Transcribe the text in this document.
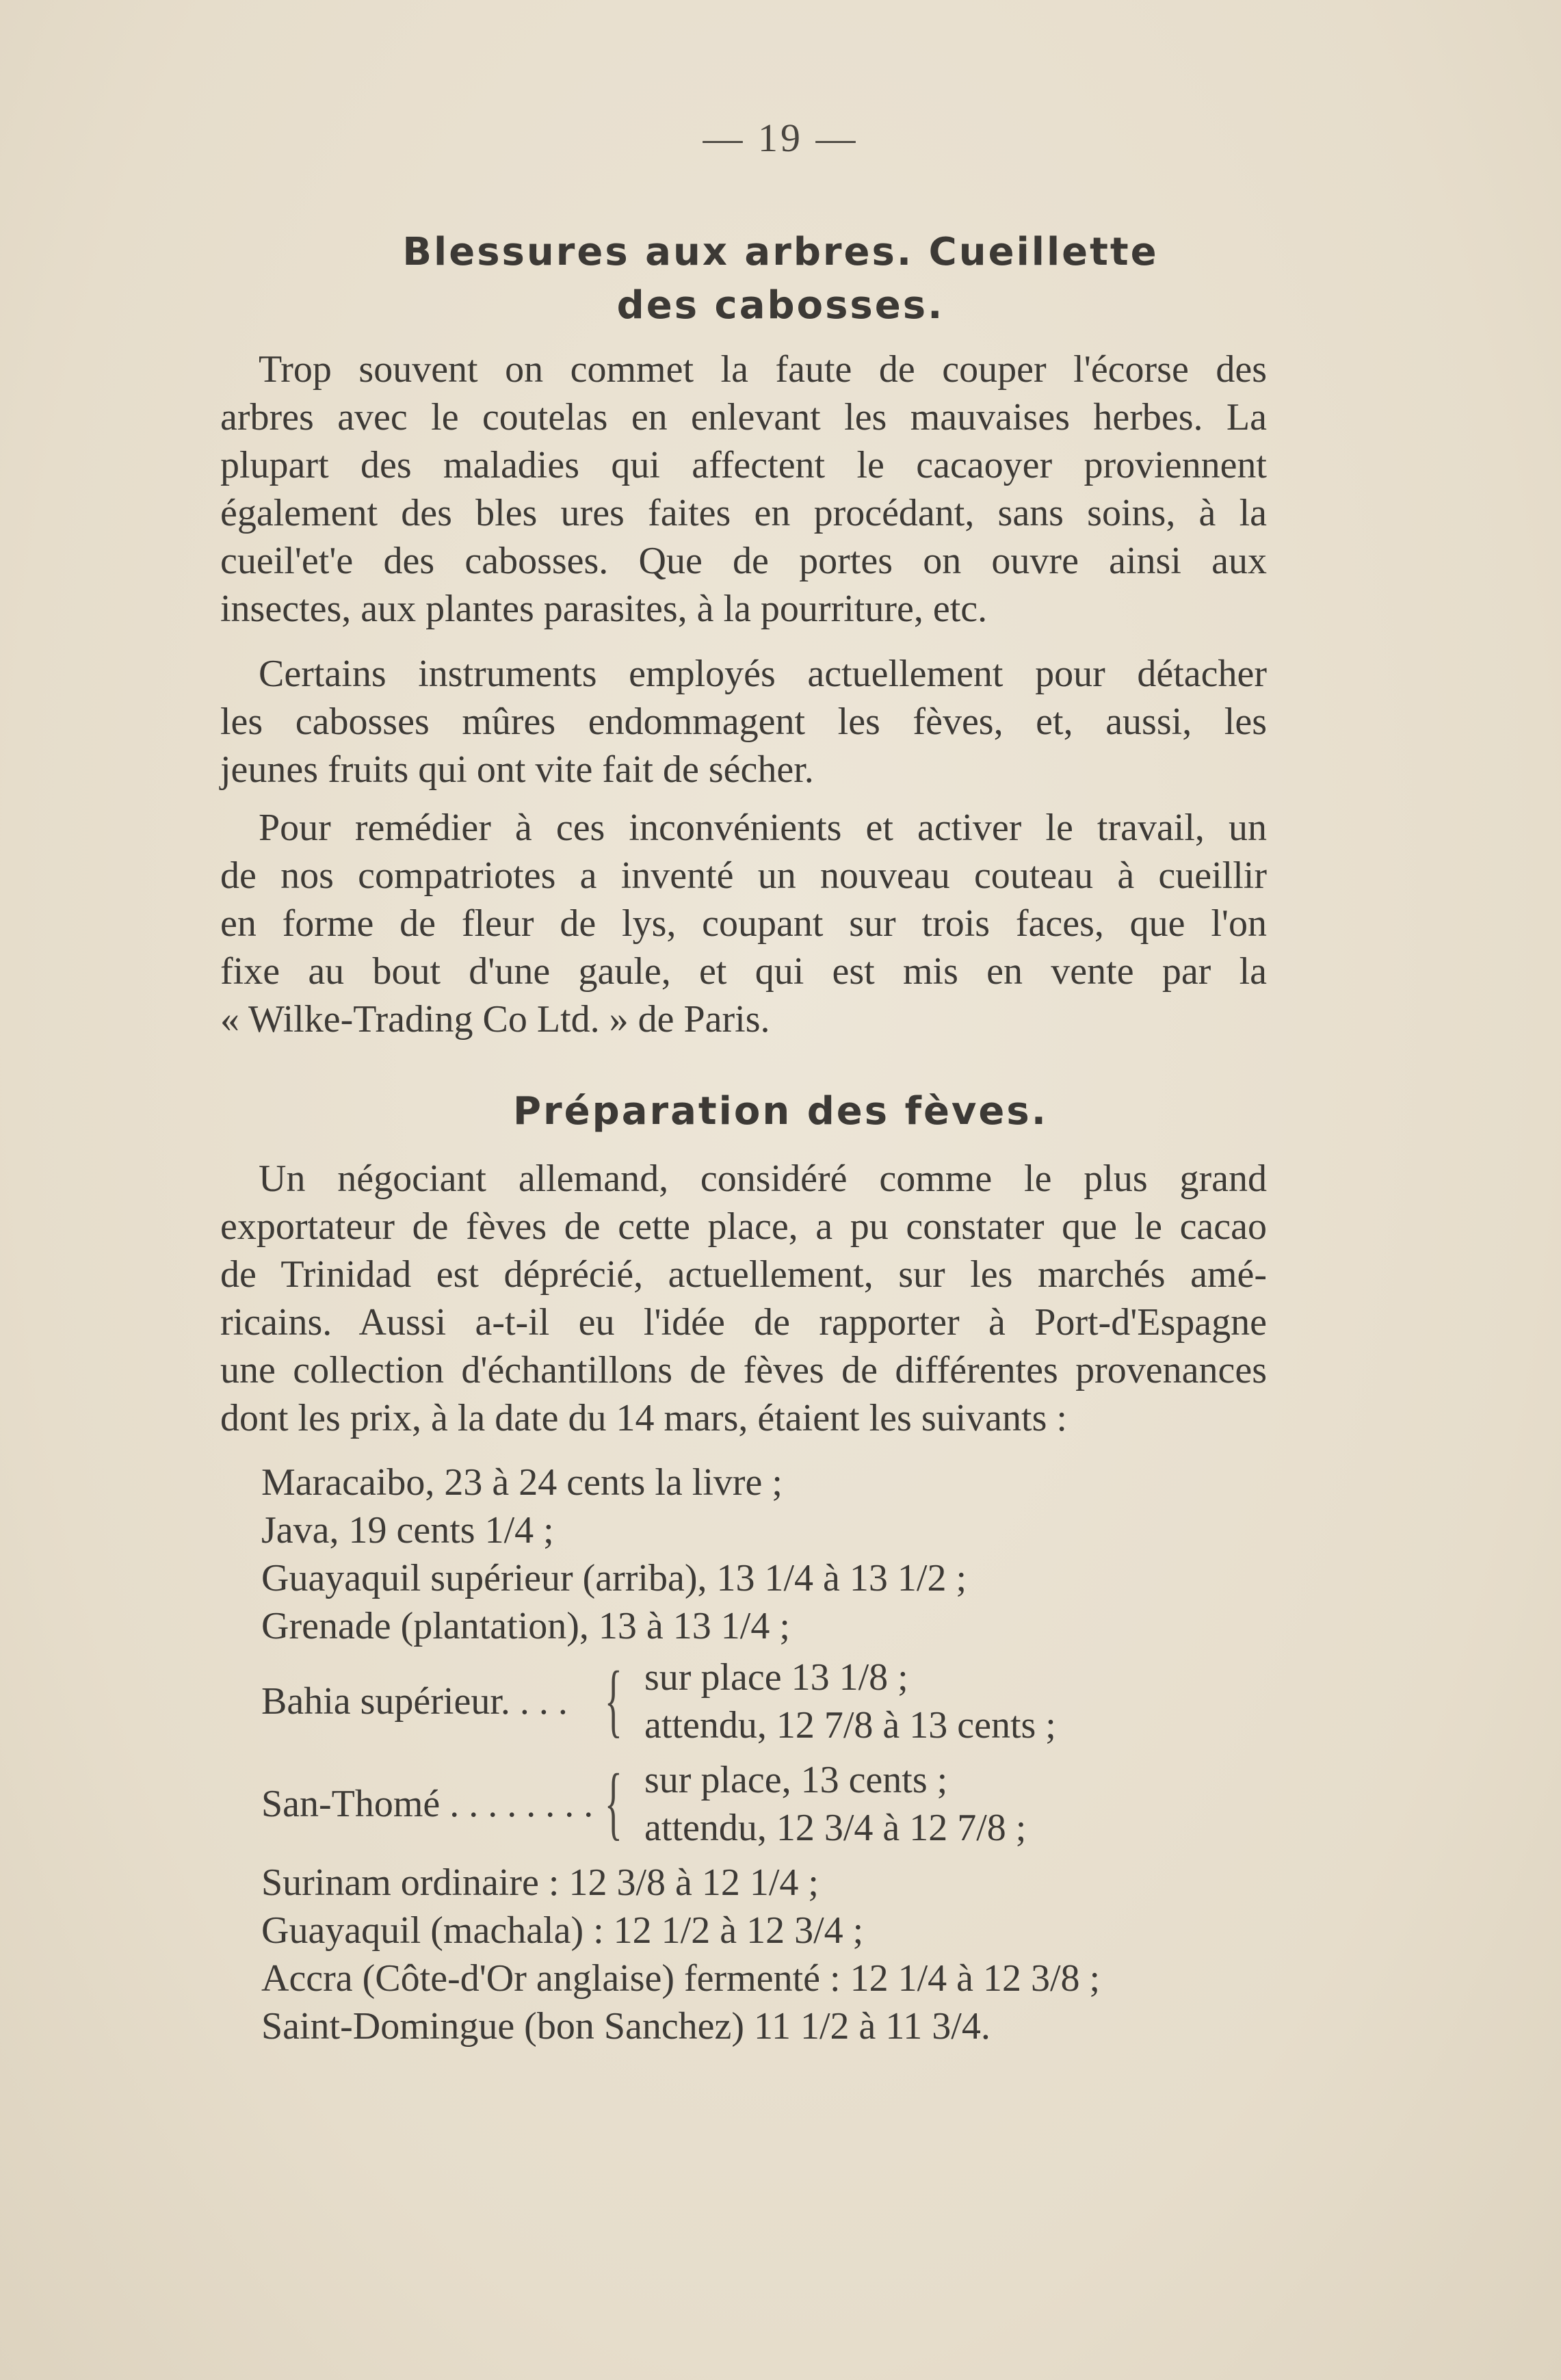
— 19 —
Blessures aux arbres. Cueillette
des cabosses.
Trop souvent on commet la faute de couper l'écorse des
arbres avec le coutelas en enlevant les mauvaises herbes. La
plupart des maladies qui affectent le cacaoyer proviennent
également des bles ures faites en procédant, sans soins, à la
cueil'et'e des cabosses. Que de portes on ouvre ainsi aux
insectes, aux plantes parasites, à la pourriture, etc.
Certains instruments employés actuellement pour détacher
les cabosses mûres endommagent les fèves, et, aussi, les
jeunes fruits qui ont vite fait de sécher.
Pour remédier à ces inconvénients et activer le travail, un
de nos compatriotes a inventé un nouveau couteau à cueillir
en forme de fleur de lys, coupant sur trois faces, que l'on
fixe au bout d'une gaule, et qui est mis en vente par la
« Wilke-Trading Co Ltd. » de Paris.
Préparation des fèves.
Un négociant allemand, considéré comme le plus grand
exportateur de fèves de cette place, a pu constater que le cacao
de Trinidad est déprécié, actuellement, sur les marchés amé-
ricains. Aussi a-t-il eu l'idée de rapporter à Port-d'Espagne
une collection d'échantillons de fèves de différentes provenances
dont les prix, à la date du 14 mars, étaient les suivants :
Maracaibo, 23 à 24 cents la livre ;
Java, 19 cents 1/4 ;
Guayaquil supérieur (arriba), 13 1/4 à 13 1/2 ;
Grenade (plantation), 13 à 13 1/4 ;
Bahia supérieur. . . . { sur place 13 1/8 ;
attendu, 12 7/8 à 13 cents ;
San-Thomé . . . . . . . . { sur place, 13 cents ;
attendu, 12 3/4 à 12 7/8 ;
Surinam ordinaire : 12 3/8 à 12 1/4 ;
Guayaquil (machala) : 12 1/2 à 12 3/4 ;
Accra (Côte-d'Or anglaise) fermenté : 12 1/4 à 12 3/8 ;
Saint-Domingue (bon Sanchez) 11 1/2 à 11 3/4.
